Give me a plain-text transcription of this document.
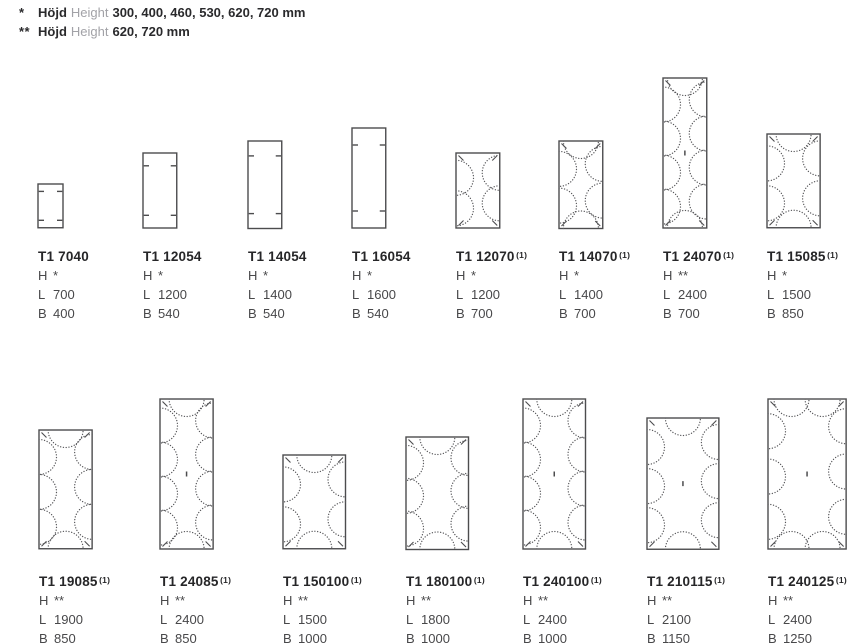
*	Höjd Height 300, 400, 460, 530, 620, 720 mm
** Höjd Height 620, 720 mm
T1 7040
H *
L 700
B 400
T1 12054
H *
L 1200
B 540
T1 14054
H *
L 1400
B 540
T1 16054
H *
L 1600
B 540
T1 12070 $^{(1)}$
H *
L 1200
B 700
T1 14070 $^{(1)}$
H *
L 1400
B 700
T1 24070 $^{(1)}$
H **
L 2400
B 700
T1 15085 $^{(1)}$
H *
L 1500
B 850
T1 19085 $^{(1)}$
H **
L 1900
B 850
T1 24085 $^{(1)}$
H **
L 2400
B 850
T1 150100 $^{(1)}$
H **
L 1500
B 1000
T1 180100 $^{(1)}$
H **
L 1800
B 1000
T1 240100 $^{(1)}$
H **
L 2400
B 1000
T1 210115 $^{(1)}$
H **
L 2100
B 1150
T1 240125 $^{(1)}$
H **
L 2400
B 1250
